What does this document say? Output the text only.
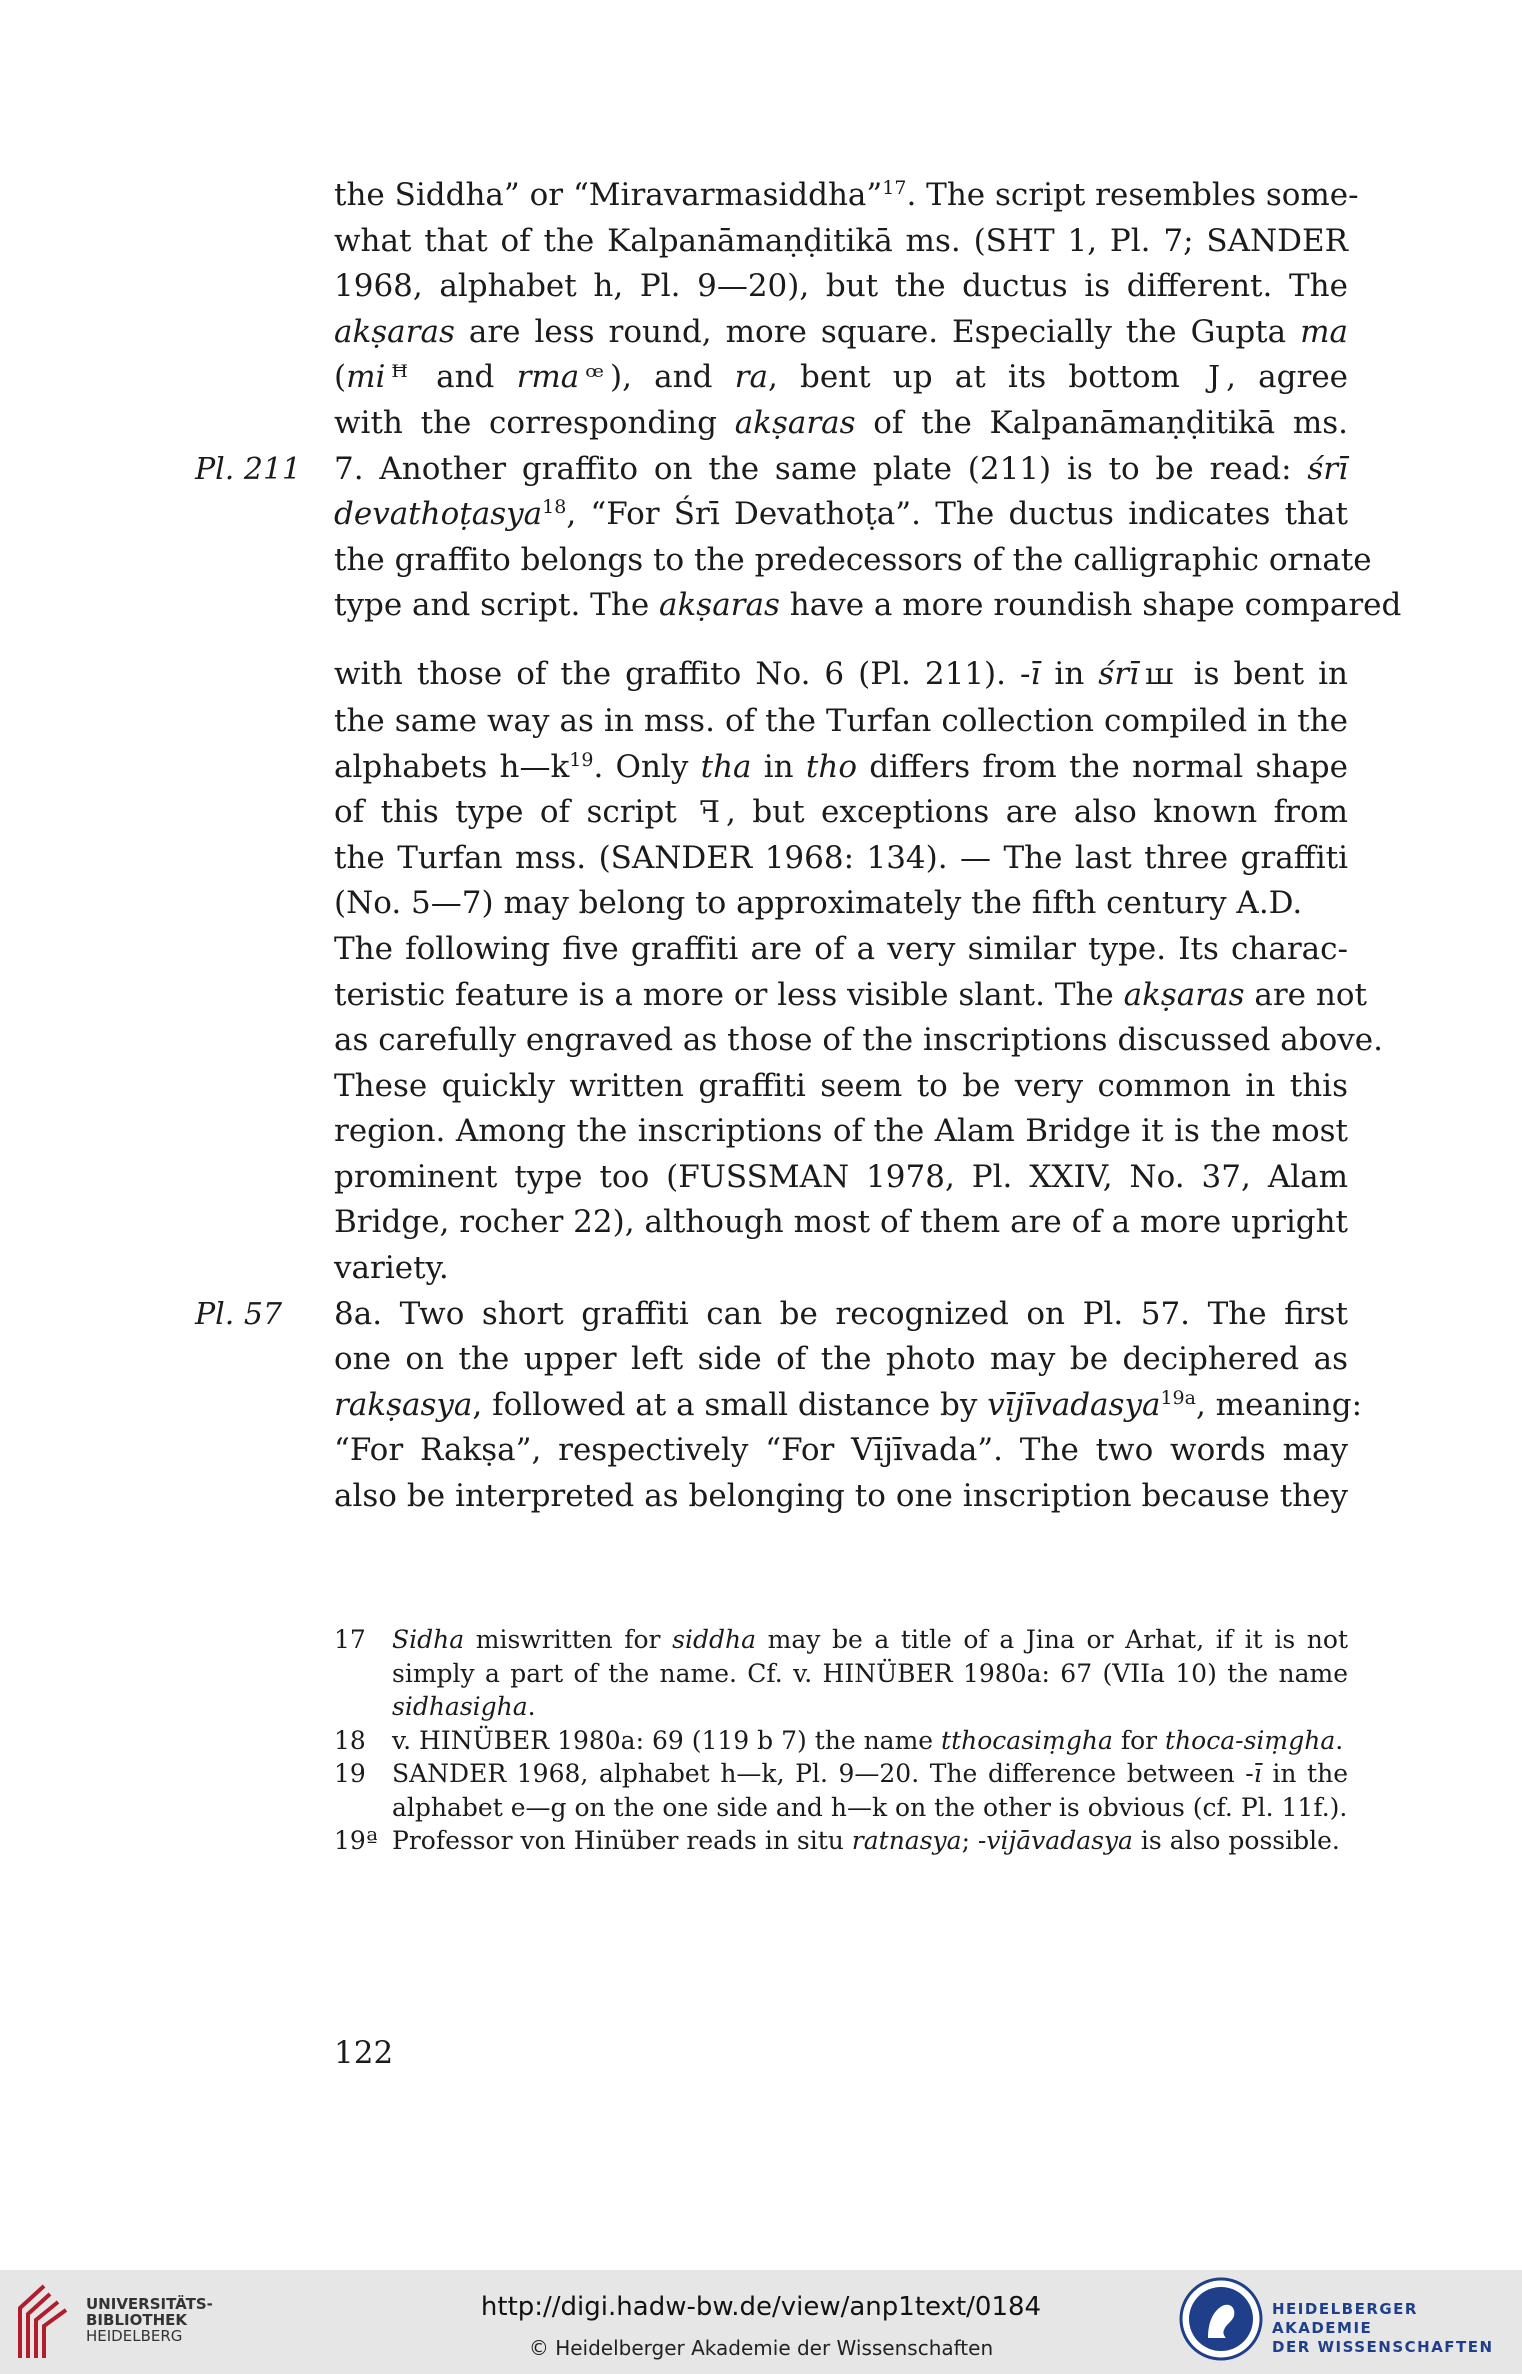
the Siddha” or “Miravarmasiddha”$^{17}$. The script resembles some-
what that of the Kalpanāmaṇḍitikā ms. (SHT 1, Pl. 7; SANDER
1968, alphabet h, Pl. 9—20), but the ductus is different. The
akṣaras are less round, more square. Especially the Gupta ma
(mi ꟸ and rma ꟹ ), and ra, bent up at its bottom J , agree
with the corresponding akṣaras of the Kalpanāmaṇḍitikā ms.
Pl. 211 7. Another graffito on the same plate (211) is to be read: śrī
devathoṭasya$^{18}$, “For Śrī Devathoṭa”. The ductus indicates that
the graffito belongs to the predecessors of the calligraphic ornate
type and script. The akṣaras have a more roundish shape compared
with those of the graffito No. 6 (Pl. 211). -ī in śrī ꟺ is bent in
the same way as in mss. of the Turfan collection compiled in the
alphabets $h—k^{19}$. Only tha in tho differs from the normal shape
of this type of script ꟻ , but exceptions are also known from
the Turfan mss. (SANDER 1968: 134). — The last three graffiti
(No. 5—7) may belong to approximately the fifth century A.D.
The following five graffiti are of a very similar type. Its charac-
teristic feature is a more or less visible slant. The akṣaras are not
as carefully engraved as those of the inscriptions discussed above.
These quickly written graffiti seem to be very common in this
region. Among the inscriptions of the Alam Bridge it is the most
prominent type too (FUSSMAN 1978, Pl. XXIV, No. 37, Alam
Bridge, rocher 22), although most of them are of a more upright
variety.
Pl. 57 8a. Two short graffiti can be recognized on Pl. 57. The first
one on the upper left side of the photo may be deciphered as
rakṣasya, followed at a small distance by vījīvadasya$^{19a}$, meaning:
“For Rakṣa”, respectively “For Vījīvada”. The two words may
also be interpreted as belonging to one inscription because they
17 Sidha miswritten for siddha may be a title of a Jina or Arhat, if it is not simply a part of the name. Cf. v. HINÜBER 1980a: 67 (VIIa 10) the name sidhasigha.
18 v. HINÜBER 1980a: 69 (119 b 7) the name tthocasiṃgha for thoca-siṃgha.
19 SANDER 1968, alphabet h—k, Pl. 9—20. The difference between -ī in the alphabet e—g on the one side and h—k on the other is obvious (cf. Pl. 11f.).
19ª Professor von Hinüber reads in situ ratnasya; -vijāvadasya is also possible.
122
UNIVERSITÄTS-
BIBLIOTHEK
HEIDELBERG
http://digi.hadw-bw.de/view/anp1text/0184
© Heidelberger Akademie der Wissenschaften
HEIDELBERGER AKADEMIE
DER WISSENSCHAFTEN
